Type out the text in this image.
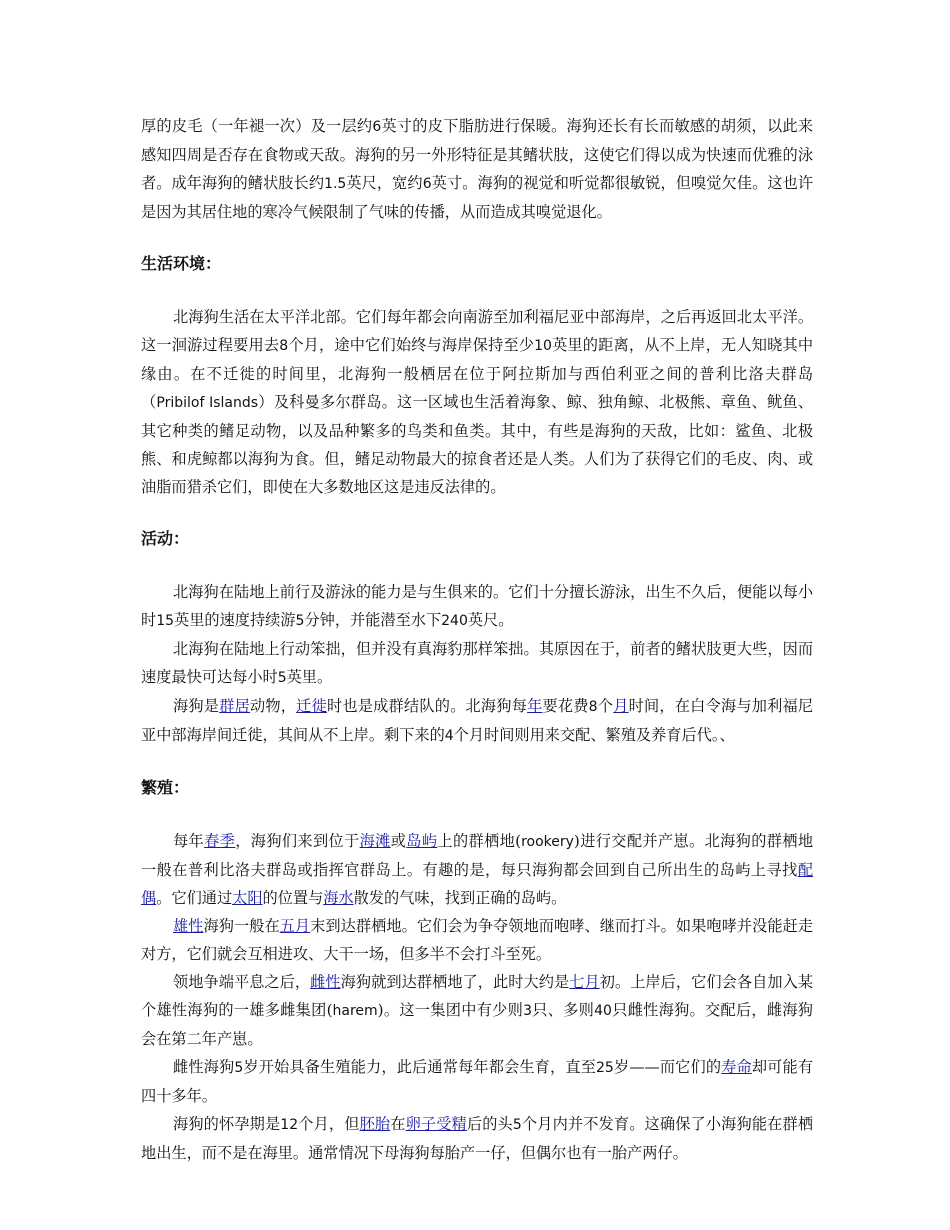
厚的皮毛（一年褪一次）及一层约6英寸的皮下脂肪进行保暖。海狗还长有长而敏感的胡须，以此来感知四周是否存在食物或天敌。海狗的另一外形特征是其鳍状肢，这使它们得以成为快速而优雅的泳者。成年海狗的鳍状肢长约1.5英尺，宽约6英寸。海狗的视觉和听觉都很敏锐，但嗅觉欠佳。这也许是因为其居住地的寒冷气候限制了气味的传播，从而造成其嗅觉退化。

生活环境：

北海狗生活在太平洋北部。它们每年都会向南游至加利福尼亚中部海岸，之后再返回北太平洋。这一洄游过程要用去8个月，途中它们始终与海岸保持至少10英里的距离，从不上岸，无人知晓其中缘由。在不迁徙的时间里，北海狗一般栖居在位于阿拉斯加与西伯利亚之间的普利比洛夫群岛（Pribilof Islands）及科曼多尔群岛。这一区域也生活着海象、鲸、独角鲸、北极熊、章鱼、鱿鱼、其它种类的鳍足动物，以及品种繁多的鸟类和鱼类。其中，有些是海狗的天敌，比如：鲨鱼、北极熊、和虎鲸都以海狗为食。但，鳍足动物最大的掠食者还是人类。人们为了获得它们的毛皮、肉、或油脂而猎杀它们，即使在大多数地区这是违反法律的。

活动：

北海狗在陆地上前行及游泳的能力是与生俱来的。它们十分擅长游泳，出生不久后，便能以每小时15英里的速度持续游5分钟，并能潜至水下240英尺。

北海狗在陆地上行动笨拙，但并没有真海豹那样笨拙。其原因在于，前者的鳍状肢更大些，因而速度最快可达每小时5英里。

海狗是群居动物，迁徙时也是成群结队的。北海狗每年要花费8个月时间，在白令海与加利福尼亚中部海岸间迁徙，其间从不上岸。剩下来的4个月时间则用来交配、繁殖及养育后代。、

繁殖：

每年春季，海狗们来到位于海滩或岛屿上的群栖地(rookery)进行交配并产崽。北海狗的群栖地一般在普利比洛夫群岛或指挥官群岛上。有趣的是，每只海狗都会回到自己所出生的岛屿上寻找配偶。它们通过太阳的位置与海水散发的气味，找到正确的岛屿。

雄性海狗一般在五月末到达群栖地。它们会为争夺领地而咆哮、继而打斗。如果咆哮并没能赶走对方，它们就会互相进攻、大干一场，但多半不会打斗至死。

领地争端平息之后，雌性海狗就到达群栖地了，此时大约是七月初。上岸后，它们会各自加入某个雄性海狗的一雄多雌集团(harem)。这一集团中有少则3只、多则40只雌性海狗。交配后，雌海狗会在第二年产崽。

雌性海狗5岁开始具备生殖能力，此后通常每年都会生育，直至25岁——而它们的寿命却可能有四十多年。

海狗的怀孕期是12个月，但胚胎在卵子受精后的头5个月内并不发育。这确保了小海狗能在群栖地出生，而不是在海里。通常情况下母海狗每胎产一仔，但偶尔也有一胎产两仔。
